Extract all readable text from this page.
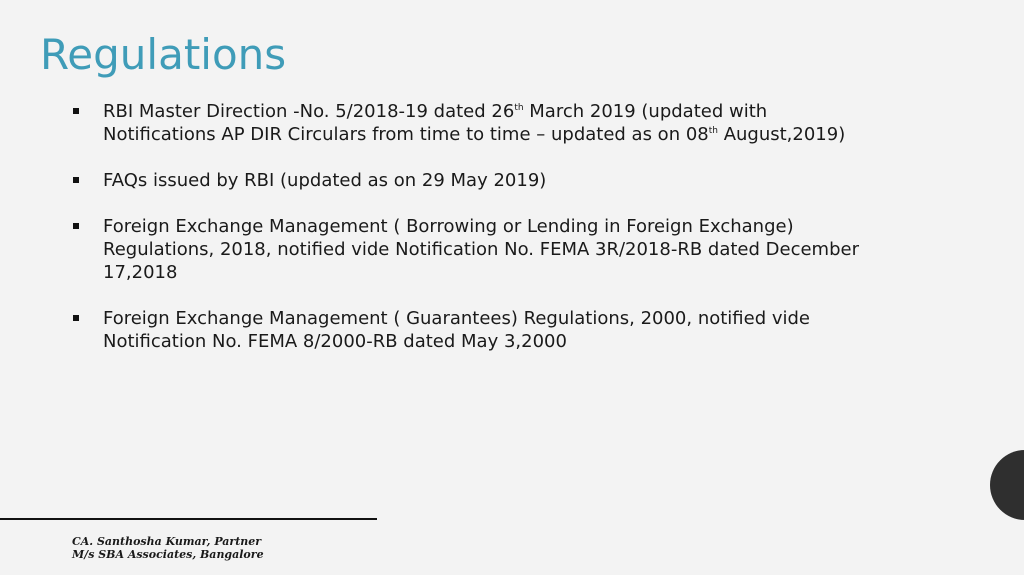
Regulations
RBI Master Direction -No. 5/2018-19 dated 26th March 2019 (updated with Notifications AP DIR Circulars from time to time – updated as on 08th August,2019)
FAQs issued by RBI (updated as on 29 May 2019)
Foreign Exchange Management ( Borrowing or Lending in Foreign Exchange) Regulations, 2018, notified vide Notification No. FEMA 3R/2018-RB dated December 17,2018
Foreign Exchange Management ( Guarantees) Regulations, 2000, notified vide Notification No. FEMA 8/2000-RB dated May 3,2000
CA. Santhosha Kumar, Partner
M/s SBA Associates, Bangalore
